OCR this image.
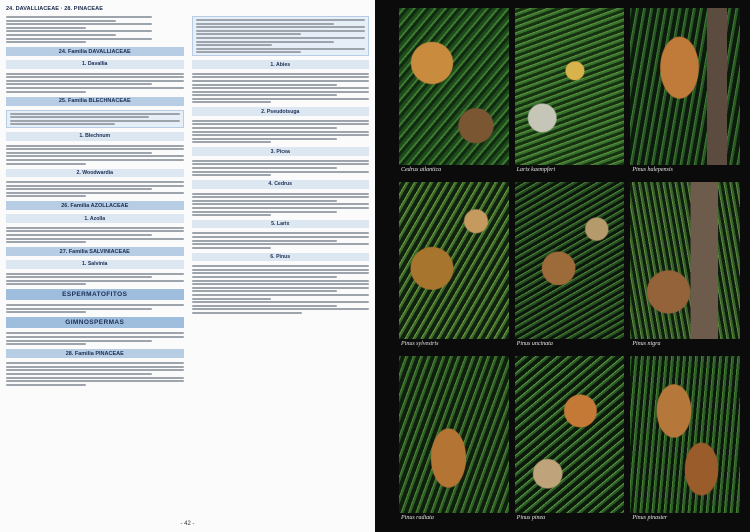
24. DAVALLIACEAE · 28. PINACEAE
24. Familia DAVALLIACEAE
1. Davallia
25. Familia BLECHNACEAE
1. Blechnum
2. Woodwardia
26. Familia AZOLLACEAE
1. Azolla
27. Familia SALVINIACEAE
1. Salvinia
ESPERMATOFITOS
GIMNOSPERMAS
28. Familia PINACEAE
1. Abies
2. Pseudotsuga
3. Picea
4. Cedrus
5. Larix
6. Pinus
- 42 -
Cedrus atlantica	Larix kaempferi	Pinus halepensis
Pinus sylvestris	Pinus uncinata	Pinus nigra
Pinus radiata	Pinus pinea	Pinus pinaster
